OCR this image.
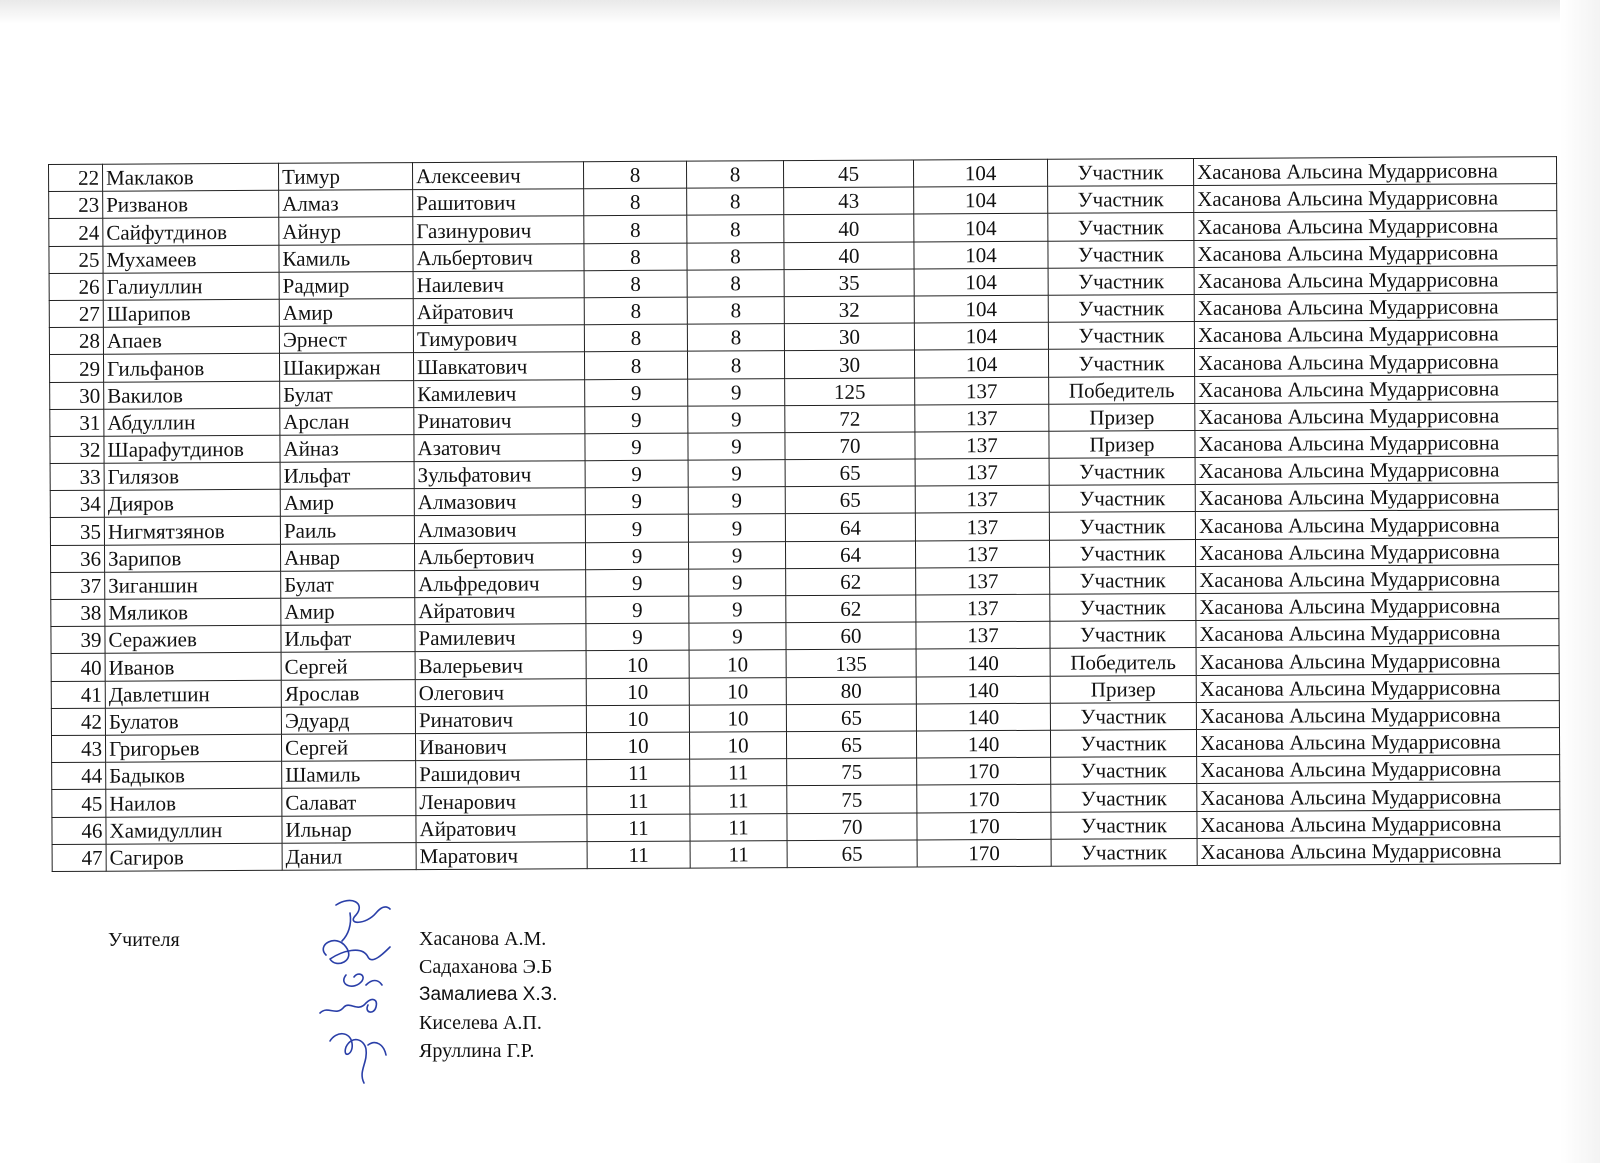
22	Маклаков	Тимур	Алексеевич	8	8	45	104	Участник	Хасанова Альсина Мударрисовна
23	Ризванов	Алмаз	Рашитович	8	8	43	104	Участник	Хасанова Альсина Мударрисовна
24	Сайфутдинов	Айнур	Газинурович	8	8	40	104	Участник	Хасанова Альсина Мударрисовна
25	Мухамеев	Камиль	Альбертович	8	8	40	104	Участник	Хасанова Альсина Мударрисовна
26	Галиуллин	Радмир	Наилевич	8	8	35	104	Участник	Хасанова Альсина Мударрисовна
27	Шарипов	Амир	Айратович	8	8	32	104	Участник	Хасанова Альсина Мударрисовна
28	Апаев	Эрнест	Тимурович	8	8	30	104	Участник	Хасанова Альсина Мударрисовна
29	Гильфанов	Шакиржан	Шавкатович	8	8	30	104	Участник	Хасанова Альсина Мударрисовна
30	Вакилов	Булат	Камилевич	9	9	125	137	Победитель	Хасанова Альсина Мударрисовна
31	Абдуллин	Арслан	Ринатович	9	9	72	137	Призер	Хасанова Альсина Мударрисовна
32	Шарафутдинов	Айназ	Азатович	9	9	70	137	Призер	Хасанова Альсина Мударрисовна
33	Гилязов	Ильфат	Зульфатович	9	9	65	137	Участник	Хасанова Альсина Мударрисовна
34	Дияров	Амир	Алмазович	9	9	65	137	Участник	Хасанова Альсина Мударрисовна
35	Нигмятзянов	Раиль	Алмазович	9	9	64	137	Участник	Хасанова Альсина Мударрисовна
36	Зарипов	Анвар	Альбертович	9	9	64	137	Участник	Хасанова Альсина Мударрисовна
37	Зиганшин	Булат	Альфредович	9	9	62	137	Участник	Хасанова Альсина Мударрисовна
38	Мяликов	Амир	Айратович	9	9	62	137	Участник	Хасанова Альсина Мударрисовна
39	Серажиев	Ильфат	Рамилевич	9	9	60	137	Участник	Хасанова Альсина Мударрисовна
40	Иванов	Сергей	Валерьевич	10	10	135	140	Победитель	Хасанова Альсина Мударрисовна
41	Давлетшин	Ярослав	Олегович	10	10	80	140	Призер	Хасанова Альсина Мударрисовна
42	Булатов	Эдуард	Ринатович	10	10	65	140	Участник	Хасанова Альсина Мударрисовна
43	Григорьев	Сергей	Иванович	10	10	65	140	Участник	Хасанова Альсина Мударрисовна
44	Бадыков	Шамиль	Рашидович	11	11	75	170	Участник	Хасанова Альсина Мударрисовна
45	Наилов	Салават	Ленарович	11	11	75	170	Участник	Хасанова Альсина Мударрисовна
46	Хамидуллин	Ильнар	Айратович	11	11	70	170	Участник	Хасанова Альсина Мударрисовна
47	Сагиров	Данил	Маратович	11	11	65	170	Участник	Хасанова Альсина Мударрисовна
Учителя	Хасанова А.М.
Садаханова Э.Б
Замалиева Х.З.
Киселева А.П.
Яруллина Г.Р.
